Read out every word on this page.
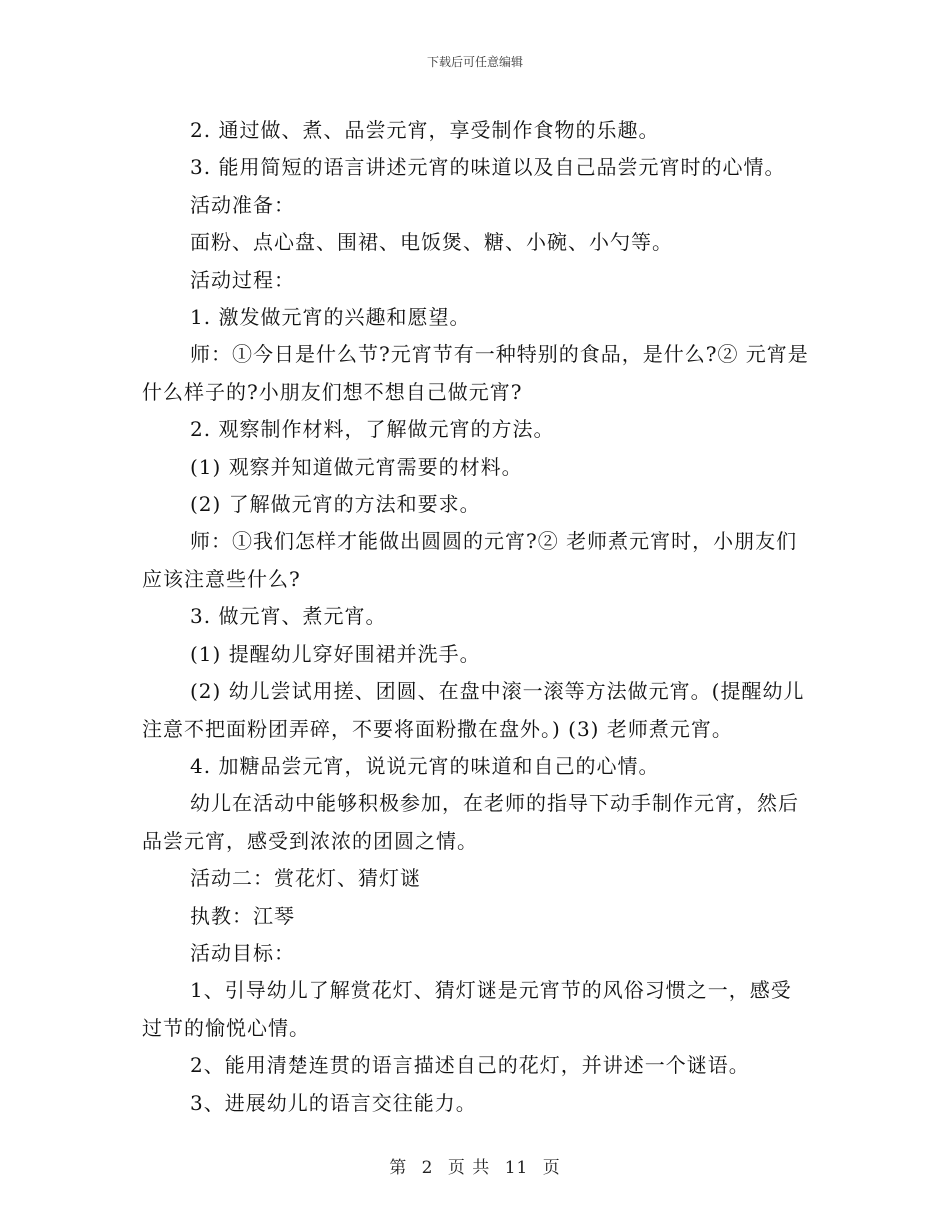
下载后可任意编辑

2. 通过做、煮、品尝元宵，享受制作食物的乐趣。

3. 能用简短的语言讲述元宵的味道以及自己品尝元宵时的心情。

活动准备：

面粉、点心盘、围裙、电饭煲、糖、小碗、小勺等。

活动过程：

1. 激发做元宵的兴趣和愿望。

师：①今日是什么节?元宵节有一种特别的食品，是什么?② 元宵是什么样子的?小朋友们想不想自己做元宵?

2. 观察制作材料，了解做元宵的方法。

(1) 观察并知道做元宵需要的材料。

(2) 了解做元宵的方法和要求。

师：①我们怎样才能做出圆圆的元宵?② 老师煮元宵时，小朋友们应该注意些什么?

3. 做元宵、煮元宵。

(1) 提醒幼儿穿好围裙并洗手。

(2) 幼儿尝试用搓、团圆、在盘中滚一滚等方法做元宵。(提醒幼儿注意不把面粉团弄碎，不要将面粉撒在盘外。) (3) 老师煮元宵。

4. 加糖品尝元宵，说说元宵的味道和自己的心情。

幼儿在活动中能够积极参加，在老师的指导下动手制作元宵，然后品尝元宵，感受到浓浓的团圆之情。

活动二：赏花灯、猜灯谜

执教：江琴

活动目标：

1、引导幼儿了解赏花灯、猜灯谜是元宵节的风俗习惯之一，感受过节的愉悦心情。

2、能用清楚连贯的语言描述自己的花灯，并讲述一个谜语。

3、进展幼儿的语言交往能力。

第 2 页 共 11 页
